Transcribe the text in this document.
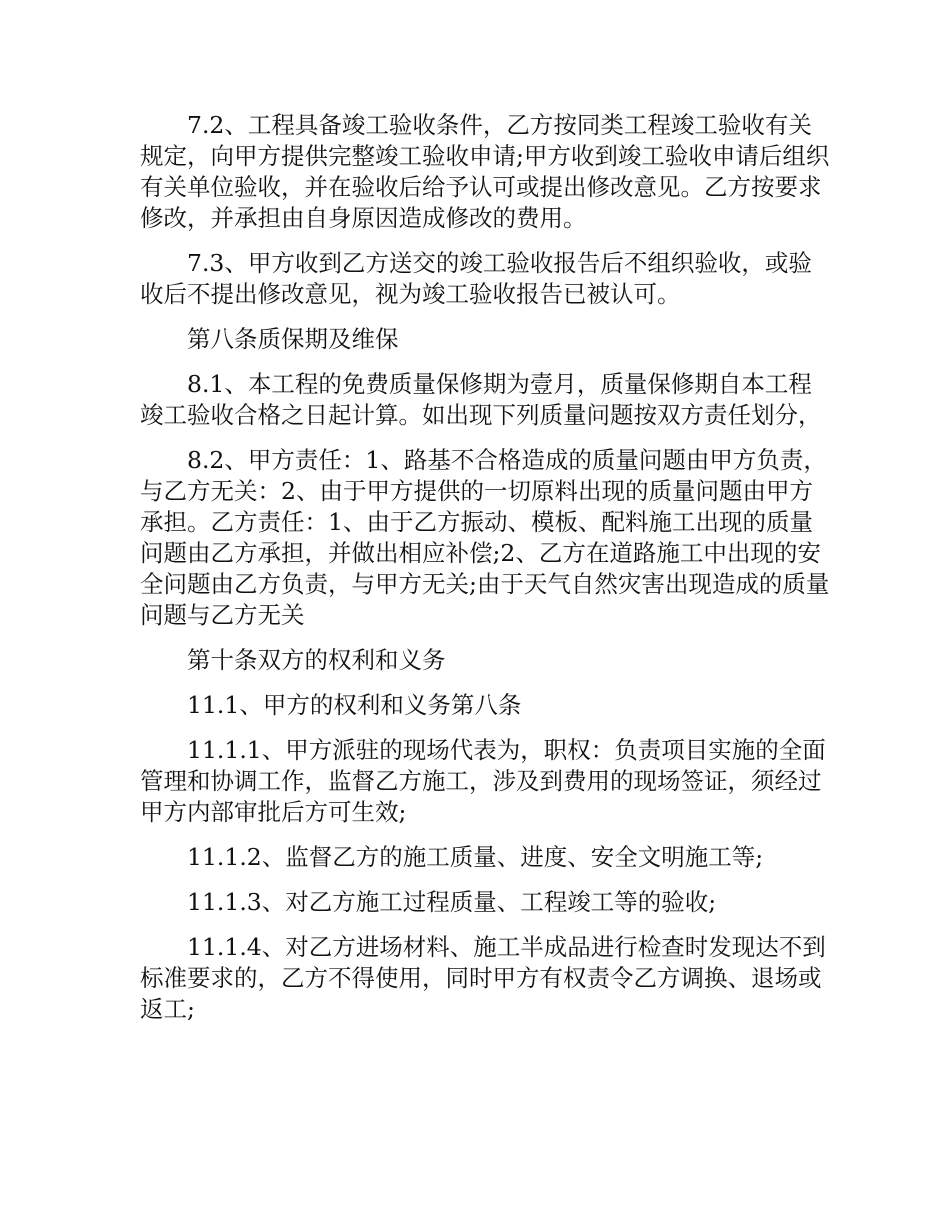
7.2、工程具备竣工验收条件，乙方按同类工程竣工验收有关规定，向甲方提供完整竣工验收申请;甲方收到竣工验收申请后组织有关单位验收，并在验收后给予认可或提出修改意见。乙方按要求修改，并承担由自身原因造成修改的费用。

7.3、甲方收到乙方送交的竣工验收报告后不组织验收，或验收后不提出修改意见，视为竣工验收报告已被认可。

第八条质保期及维保

8.1、本工程的免费质量保修期为壹月，质量保修期自本工程竣工验收合格之日起计算。如出现下列质量问题按双方责任划分，

8.2、甲方责任：1、路基不合格造成的质量问题由甲方负责，与乙方无关：2、由于甲方提供的一切原料出现的质量问题由甲方承担。乙方责任：1、由于乙方振动、模板、配料施工出现的质量问题由乙方承担，并做出相应补偿;2、乙方在道路施工中出现的安全问题由乙方负责，与甲方无关;由于天气自然灾害出现造成的质量问题与乙方无关

第十条双方的权利和义务

11.1、甲方的权利和义务第八条

11.1.1、甲方派驻的现场代表为，职权：负责项目实施的全面管理和协调工作，监督乙方施工，涉及到费用的现场签证，须经过甲方内部审批后方可生效;

11.1.2、监督乙方的施工质量、进度、安全文明施工等;

11.1.3、对乙方施工过程质量、工程竣工等的验收;

11.1.4、对乙方进场材料、施工半成品进行检查时发现达不到标准要求的，乙方不得使用，同时甲方有权责令乙方调换、退场或返工;
